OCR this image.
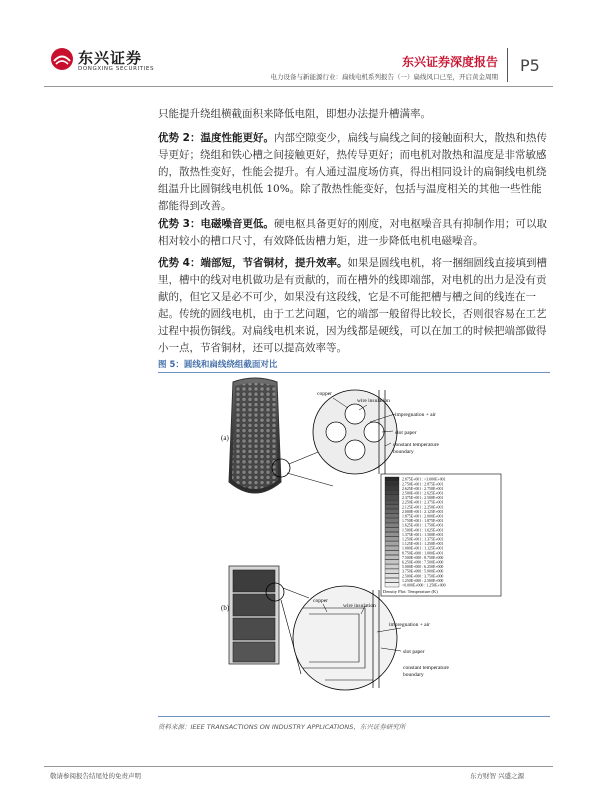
东兴证券
DONGXING SECURITIES	东兴证券深度报告
电力设备与新能源行业：扁线电机系列报告（一）扁线风口已至，开启黄金周期
P5

只能提升绕组横截面积来降低电阻，即想办法提升槽满率。

优势 2：温度性能更好。内部空隙变少，扁线与扁线之间的接触面积大，散热和热传导更好；绕组和铁心槽之间接触更好，热传导更好；而电机对散热和温度是非常敏感的，散热性变好，性能会提升。有人通过温度场仿真，得出相同设计的扁铜线电机绕组温升比圆铜线电机低 10%。除了散热性能变好，包括与温度相关的其他一些性能都能得到改善。

优势 3：电磁噪音更低。硬电枢具备更好的刚度，对电枢噪音具有抑制作用；可以取相对较小的槽口尺寸，有效降低齿槽力矩，进一步降低电机电磁噪音。

优势 4：端部短，节省铜材，提升效率。如果是圆线电机，将一捆细圆线直接填到槽里，槽中的线对电机做功是有贡献的，而在槽外的线即端部，对电机的出力是没有贡献的，但它又是必不可少，如果没有这段线，它是不可能把槽与槽之间的线连在一起。传统的圆线电机，由于工艺问题，它的端部一般留得比较长，否则很容易在工艺过程中损伤铜线。对扁线电机来说，因为线都是硬线，可以在加工的时候把端部做得小一点，节省铜材，还可以提高效率等。

图 5：圆线和扁线绕组截面对比
copper
wire insulation
impregnation + air
slot paper
constant temperature
boundary
(a)
2.875E+001 : >3.000E+001
2.750E+001 : 2.875E+001
2.625E+001 : 2.750E+001
2.500E+001 : 2.625E+001
2.375E+001 : 2.500E+001
2.250E+001 : 2.375E+001
2.125E+001 : 2.250E+001
2.000E+001 : 2.125E+001
1.875E+001 : 2.000E+001
1.750E+001 : 1.875E+001
1.625E+001 : 1.750E+001
1.500E+001 : 1.625E+001
1.375E+001 : 1.500E+001
1.250E+001 : 1.375E+001
1.125E+001 : 1.250E+001
1.000E+001 : 1.125E+001
8.750E+000 : 1.000E+001
7.500E+000 : 8.750E+000
6.250E+000 : 7.500E+000
5.000E+000 : 6.250E+000
3.750E+000 : 5.000E+000
2.500E+000 : 3.750E+000
1.250E+000 : 2.500E+000
<0.000E+000 : 1.250E+000
Density Plot: Temperature (K)
copper
wire insulation
impregnation + air
slot paper
constant temperature
boundary
(b)
资料来源：IEEE TRANSACTIONS ON INDUSTRY APPLICATIONS，东兴证券研究所
敬请参阅报告结尾处的免责声明	东方财智 兴盛之源
